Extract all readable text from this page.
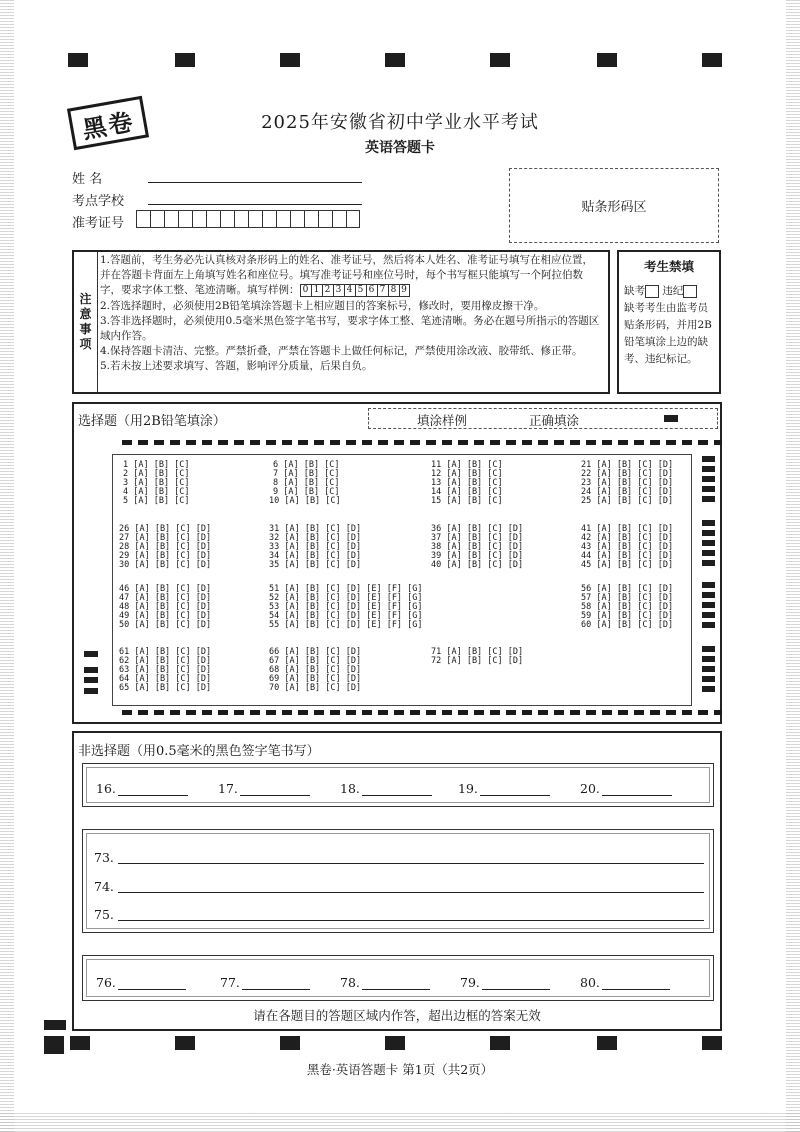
黑卷	2025年安徽省初中学业水平考试
英语答题卡
姓 名
考点学校
准考证号
贴条形码区
注
意
事
项
1.答题前，考生务必先认真核对条形码上的姓名、准考证号，然后将本人姓名、准考证号填写在相应位置，并在答题卡背面左上角填写姓名和座位号。填写准考证号和座位号时，每个书写框只能填写一个阿拉伯数字，要求字体工整、笔迹清晰。填写样例： 0 1 2 3 4 5 6 7 8 9
2.答选择题时，必须使用2B铅笔填涂答题卡上相应题目的答案标号，修改时，要用橡皮擦干净。
3.答非选择题时，必须使用0.5毫米黑色签字笔书写，要求字体工整、笔迹清晰。务必在题号所指示的答题区域内作答。
4.保持答题卡清洁、完整。严禁折叠，严禁在答题卡上做任何标记，严禁使用涂改液、胶带纸、修正带。
5.若未按上述要求填写、答题，影响评分质量，后果自负。
考生禁填
缺考 违纪
缺考考生由监考员贴条形码，并用2B铅笔填涂上边的缺考、违纪标记。
选择题（用2B铅笔填涂）	填涂样例	正确填涂
1 [A] [B] [C]
2 [A] [B] [C]
3 [A] [B] [C]
4 [A] [B] [C]
5 [A] [B] [C]
6 [A] [B] [C]
7 [A] [B] [C]
8 [A] [B] [C]
9 [A] [B] [C]
10 [A] [B] [C]
11 [A] [B] [C]
12 [A] [B] [C]
13 [A] [B] [C]
14 [A] [B] [C]
15 [A] [B] [C]
21 [A] [B] [C] [D]
22 [A] [B] [C] [D]
23 [A] [B] [C] [D]
24 [A] [B] [C] [D]
25 [A] [B] [C] [D]
26 [A] [B] [C] [D]
27 [A] [B] [C] [D]
28 [A] [B] [C] [D]
29 [A] [B] [C] [D]
30 [A] [B] [C] [D]
31 [A] [B] [C] [D]
32 [A] [B] [C] [D]
33 [A] [B] [C] [D]
34 [A] [B] [C] [D]
35 [A] [B] [C] [D]
36 [A] [B] [C] [D]
37 [A] [B] [C] [D]
38 [A] [B] [C] [D]
39 [A] [B] [C] [D]
40 [A] [B] [C] [D]
41 [A] [B] [C] [D]
42 [A] [B] [C] [D]
43 [A] [B] [C] [D]
44 [A] [B] [C] [D]
45 [A] [B] [C] [D]
46 [A] [B] [C] [D]
47 [A] [B] [C] [D]
48 [A] [B] [C] [D]
49 [A] [B] [C] [D]
50 [A] [B] [C] [D]
51 [A] [B] [C] [D] [E] [F] [G]
52 [A] [B] [C] [D] [E] [F] [G]
53 [A] [B] [C] [D] [E] [F] [G]
54 [A] [B] [C] [D] [E] [F] [G]
55 [A] [B] [C] [D] [E] [F] [G]
56 [A] [B] [C] [D]
57 [A] [B] [C] [D]
58 [A] [B] [C] [D]
59 [A] [B] [C] [D]
60 [A] [B] [C] [D]
61 [A] [B] [C] [D]
62 [A] [B] [C] [D]
63 [A] [B] [C] [D]
64 [A] [B] [C] [D]
65 [A] [B] [C] [D]
66 [A] [B] [C] [D]
67 [A] [B] [C] [D]
68 [A] [B] [C] [D]
69 [A] [B] [C] [D]
70 [A] [B] [C] [D]
71 [A] [B] [C] [D]
72 [A] [B] [C] [D]
非选择题（用0.5毫米的黑色签字笔书写）
16.	17.	18.	19.	20.
73.
74.
75.
76.	77.	78.	79.	80.
请在各题目的答题区域内作答，超出边框的答案无效
黑卷·英语答题卡 第1页（共2页）
